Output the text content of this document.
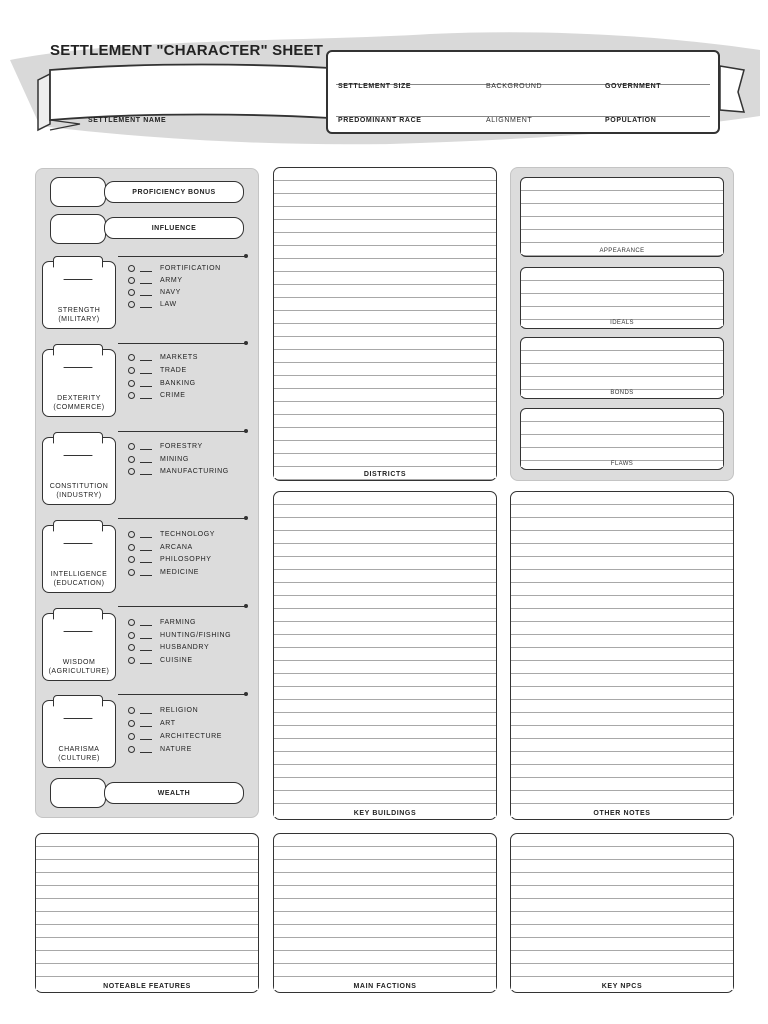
SETTLEMENT "CHARACTER" SHEET
SETTLEMENT NAME
SETTLEMENT SIZE	BACKGROUND	GOVERNMENT
PREDOMINANT RACE	ALIGNMENT	POPULATION
PROFICIENCY BONUS
INFLUENCE
STRENGTH
(MILITARY)
FORTIFICATION
ARMY
NAVY
LAW
DEXTERITY
(COMMERCE)
MARKETS
TRADE
BANKING
CRIME
CONSTITUTION
(INDUSTRY)
FORESTRY
MINING
MANUFACTURING
INTELLIGENCE
(EDUCATION)
TECHNOLOGY
ARCANA
PHILOSOPHY
MEDICINE
WISDOM
(AGRICULTURE)
FARMING
HUNTING/FISHING
HUSBANDRY
CUISINE
CHARISMA
(CULTURE)
RELIGION
ART
ARCHITECTURE
NATURE
WEALTH
DISTRICTS
APPEARANCE
IDEALS
BONDS
FLAWS
KEY BUILDINGS	OTHER NOTES
NOTEABLE FEATURES	MAIN FACTIONS	KEY NPCS
